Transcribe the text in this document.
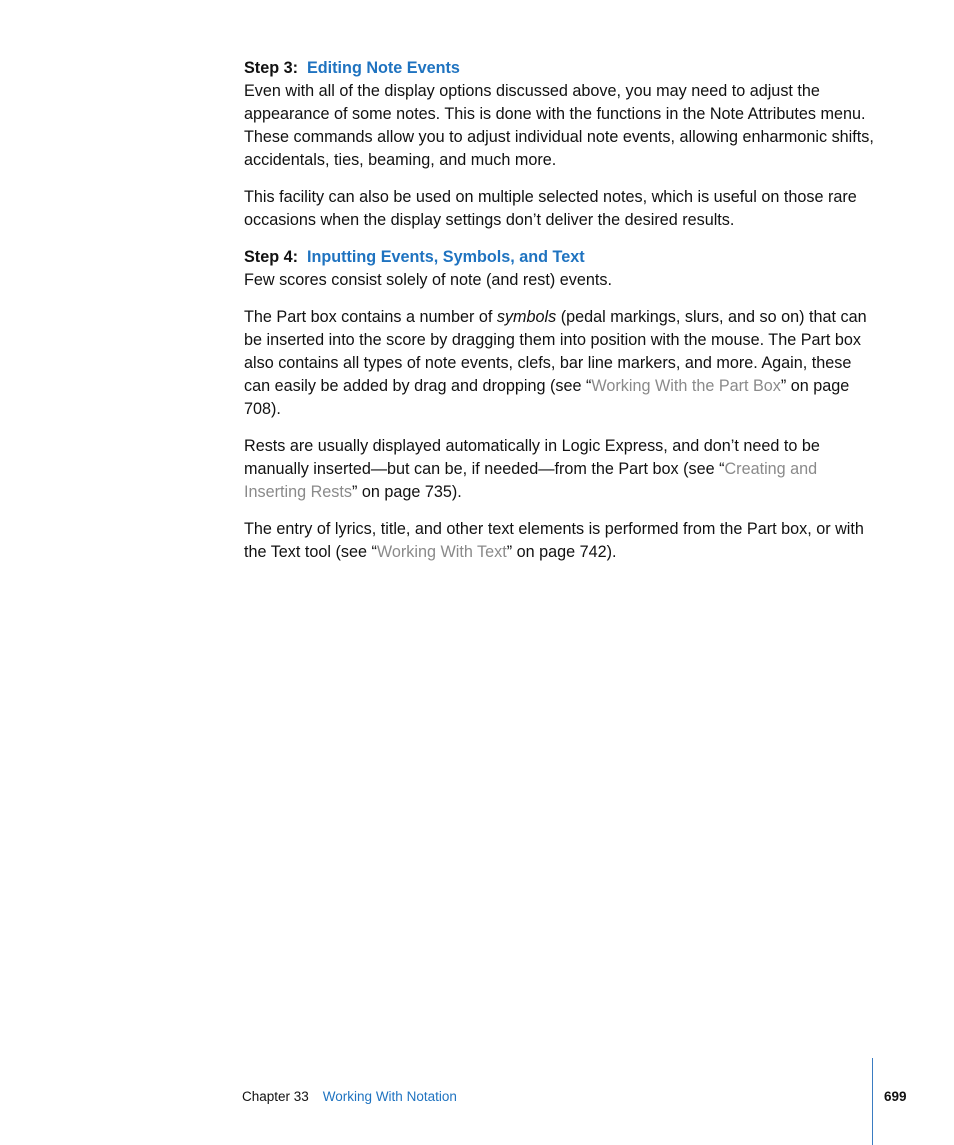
Step 3: Editing Note Events

Even with all of the display options discussed above, you may need to adjust the appearance of some notes. This is done with the functions in the Note Attributes menu. These commands allow you to adjust individual note events, allowing enharmonic shifts, accidentals, ties, beaming, and much more.

This facility can also be used on multiple selected notes, which is useful on those rare occasions when the display settings don’t deliver the desired results.

Step 4: Inputting Events, Symbols, and Text

Few scores consist solely of note (and rest) events.

The Part box contains a number of symbols (pedal markings, slurs, and so on) that can be inserted into the score by dragging them into position with the mouse. The Part box also contains all types of note events, clefs, bar line markers, and more. Again, these can easily be added by drag and dropping (see “Working With the Part Box” on page 708).

Rests are usually displayed automatically in Logic Express, and don’t need to be manually inserted—but can be, if needed—from the Part box (see “Creating and Inserting Rests” on page 735).

The entry of lyrics, title, and other text elements is performed from the Part box, or with the Text tool (see “Working With Text” on page 742).

Chapter 33 Working With Notation	699
